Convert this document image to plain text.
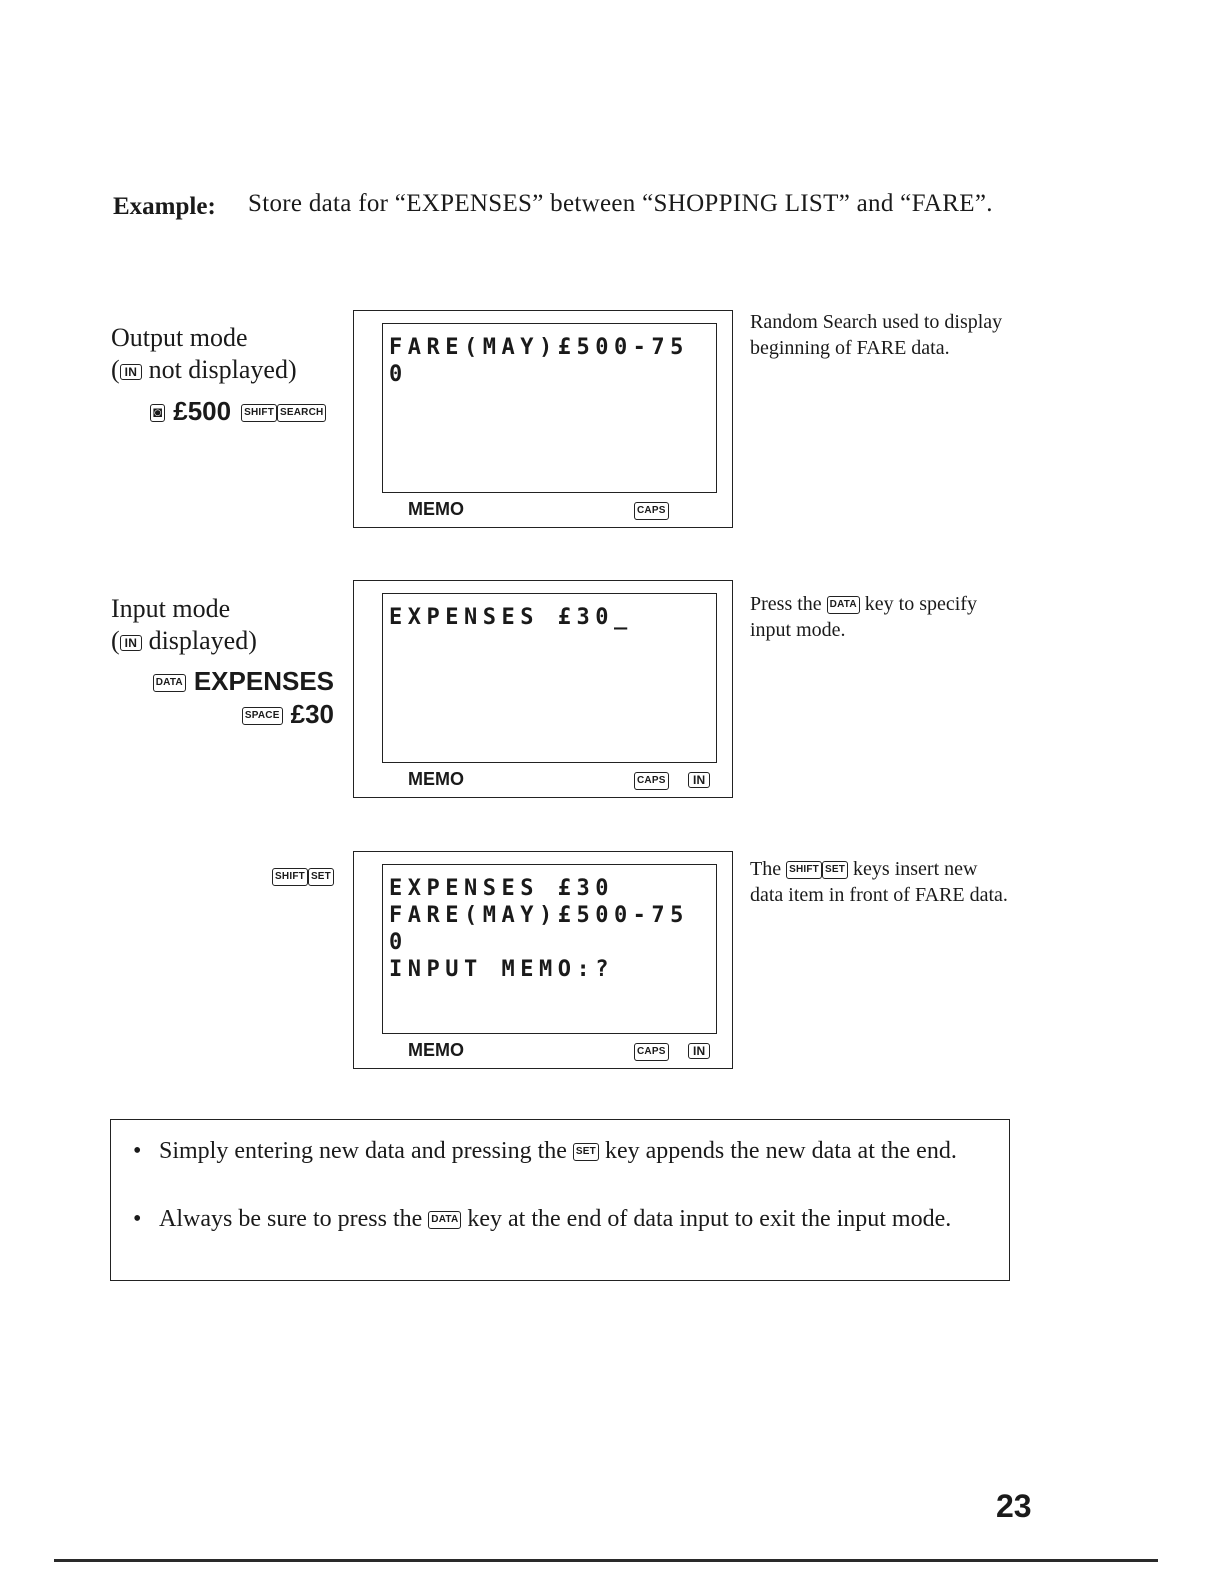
Example: Store data for “EXPENSES” between “SHOPPING LIST” and “FARE”.
Output mode
( IN not displayed)
◙ £500 SHIFT SEARCH
FARE(MAY)£500-75
0
MEMO	CAPS
Random Search used to display beginning of FARE data.
Input mode
( IN displayed)
DATA EXPENSES
SPACE £30
EXPENSES £30_
MEMO	CAPS	IN
Press the DATA key to specify input mode.
SHIFT SET	EXPENSES £30
FARE(MAY)£500-75
0
INPUT MEMO:?
MEMO	CAPS	IN
The SHIFT SET keys insert new data item in front of FARE data.
• Simply entering new data and pressing the SET key appends the new data at the end.
• Always be sure to press the DATA key at the end of data input to exit the input mode.
23
